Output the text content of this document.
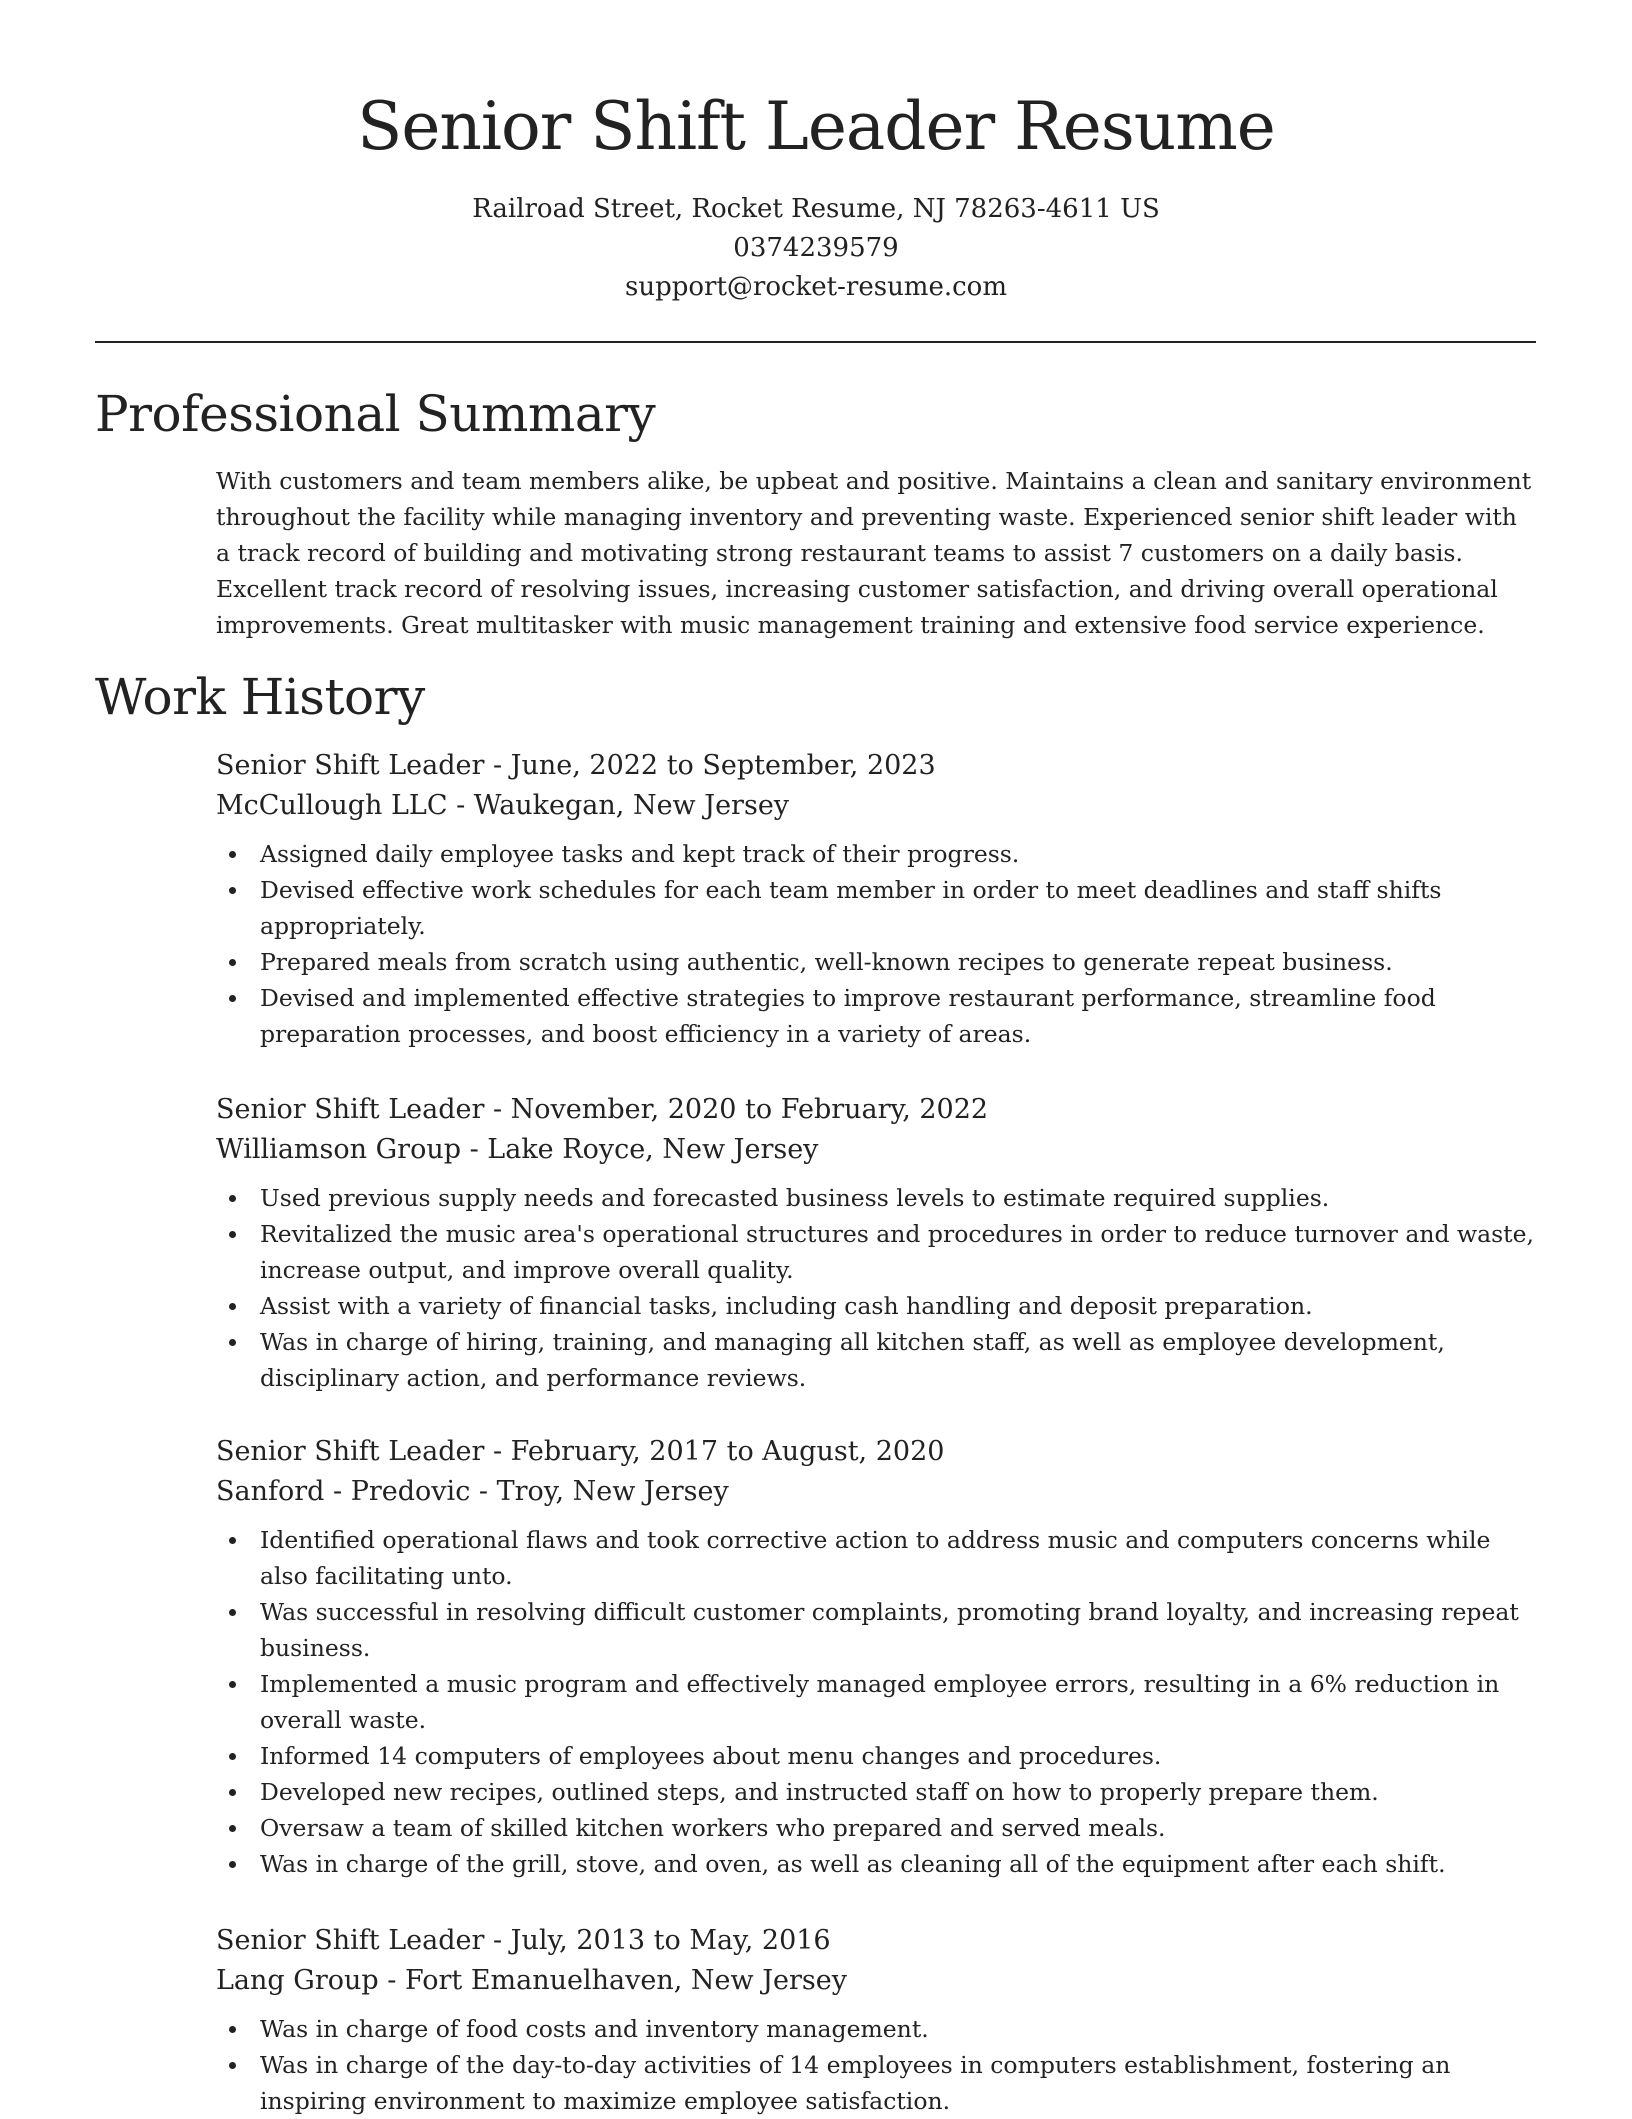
Senior Shift Leader Resume
Railroad Street, Rocket Resume, NJ 78263-4611 US
0374239579
support@rocket-resume.com
Professional Summary

With customers and team members alike, be upbeat and positive. Maintains a clean and sanitary environment throughout the facility while managing inventory and preventing waste. Experienced senior shift leader with a track record of building and motivating strong restaurant teams to assist 7 customers on a daily basis. Excellent track record of resolving issues, increasing customer satisfaction, and driving overall operational improvements. Great multitasker with music management training and extensive food service experience.

Work History
Senior Shift Leader - June, 2022 to September, 2023
McCullough LLC - Waukegan, New Jersey
Assigned daily employee tasks and kept track of their progress.
Devised effective work schedules for each team member in order to meet deadlines and staff shifts appropriately.
Prepared meals from scratch using authentic, well-known recipes to generate repeat business.
Devised and implemented effective strategies to improve restaurant performance, streamline food preparation processes, and boost efficiency in a variety of areas.
Senior Shift Leader - November, 2020 to February, 2022
Williamson Group - Lake Royce, New Jersey
Used previous supply needs and forecasted business levels to estimate required supplies.
Revitalized the music area's operational structures and procedures in order to reduce turnover and waste, increase output, and improve overall quality.
Assist with a variety of financial tasks, including cash handling and deposit preparation.
Was in charge of hiring, training, and managing all kitchen staff, as well as employee development, disciplinary action, and performance reviews.
Senior Shift Leader - February, 2017 to August, 2020
Sanford - Predovic - Troy, New Jersey
Identified operational flaws and took corrective action to address music and computers concerns while also facilitating unto.
Was successful in resolving difficult customer complaints, promoting brand loyalty, and increasing repeat business.
Implemented a music program and effectively managed employee errors, resulting in a 6% reduction in overall waste.
Informed 14 computers of employees about menu changes and procedures.
Developed new recipes, outlined steps, and instructed staff on how to properly prepare them.
Oversaw a team of skilled kitchen workers who prepared and served meals.
Was in charge of the grill, stove, and oven, as well as cleaning all of the equipment after each shift.
Senior Shift Leader - July, 2013 to May, 2016
Lang Group - Fort Emanuelhaven, New Jersey
Was in charge of food costs and inventory management.
Was in charge of the day-to-day activities of 14 employees in computers establishment, fostering an inspiring environment to maximize employee satisfaction.
